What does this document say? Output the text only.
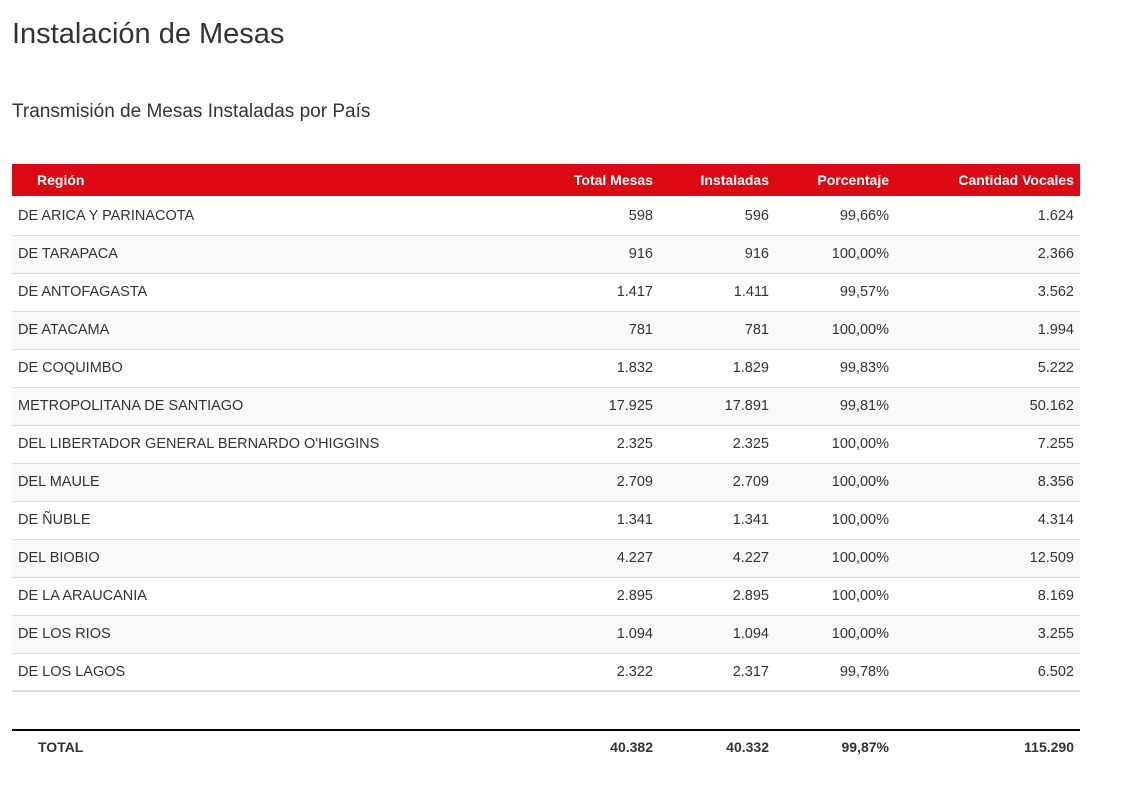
Instalación de Mesas
Transmisión de Mesas Instaladas por País
Región	Total Mesas	Instaladas	Porcentaje	Cantidad Vocales
DE ARICA Y PARINACOTA	598	596	99,66%	1.624
DE TARAPACA	916	916	100,00%	2.366
DE ANTOFAGASTA	1.417	1.411	99,57%	3.562
DE ATACAMA	781	781	100,00%	1.994
DE COQUIMBO	1.832	1.829	99,83%	5.222
METROPOLITANA DE SANTIAGO	17.925	17.891	99,81%	50.162
DEL LIBERTADOR GENERAL BERNARDO O'HIGGINS	2.325	2.325	100,00%	7.255
DEL MAULE	2.709	2.709	100,00%	8.356
DE ÑUBLE	1.341	1.341	100,00%	4.314
DEL BIOBIO	4.227	4.227	100,00%	12.509
DE LA ARAUCANIA	2.895	2.895	100,00%	8.169
DE LOS RIOS	1.094	1.094	100,00%	3.255
DE LOS LAGOS	2.322	2.317	99,78%	6.502
TOTAL	40.382	40.332	99,87%	115.290
